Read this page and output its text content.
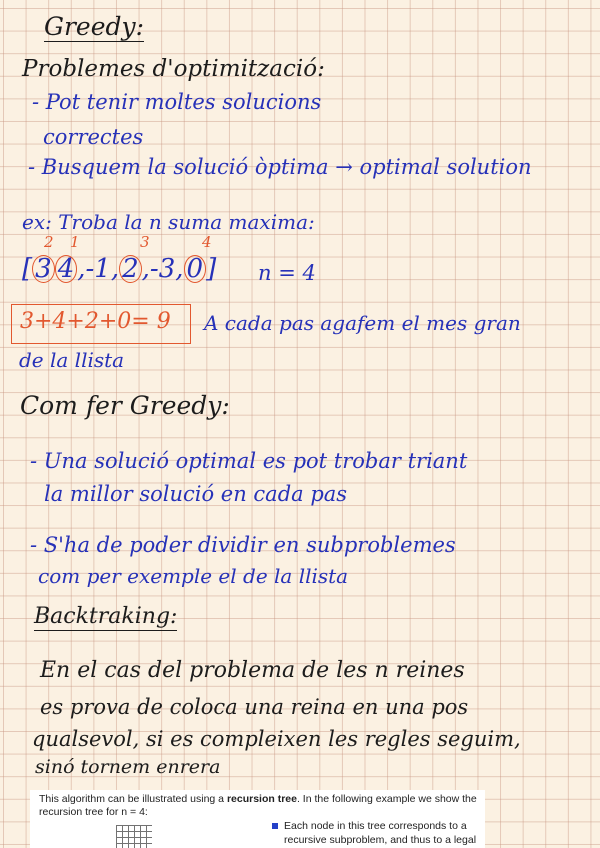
Greedy:
Problemes d'optimització:
- Pot tenir moltes solucions
correctes
- Busquem la solució òptima → optimal solution
ex: Troba la n suma maxima:
2 1	3	4
[ 3 4 ,-1, 2 ,-3, 0 ] n = 4
3+4+2+0= 9 A cada pas agafem el mes gran
de la llista
Com fer Greedy:
- Una solució optimal es pot trobar triant
la millor solució en cada pas
- S'ha de poder dividir en subproblemes
com per exemple el de la llista
Backtraking:
En el cas del problema de les n reines
es prova de coloca una reina en una pos
qualsevol, si es compleixen les regles seguim,
sinó tornem enrera
This algorithm can be illustrated using a recursion tree. In the following example we show the
recursion tree for n = 4:
Each node in this tree corresponds to a
recursive subproblem, and thus to a legal
